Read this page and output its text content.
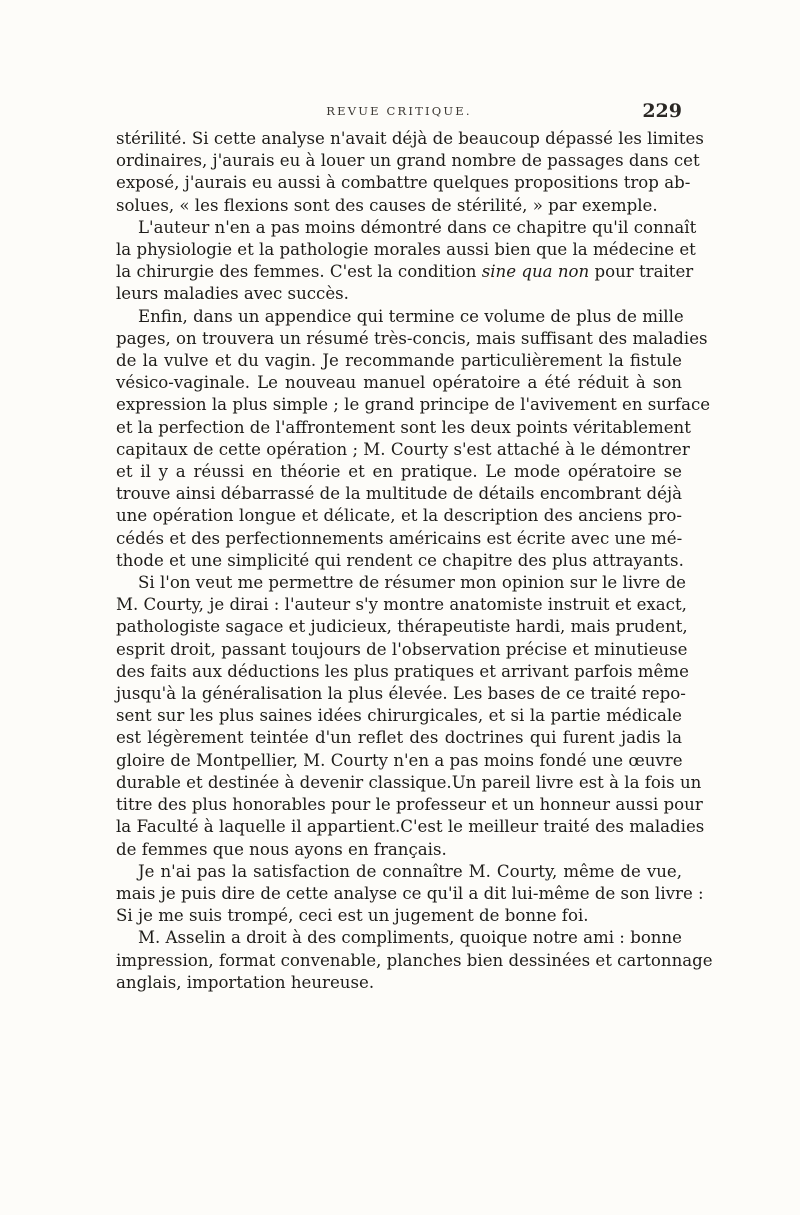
REVUE CRITIQUE.	229

stérilité. Si cette analyse n'avait déjà de beaucoup dépassé les limites
ordinaires, j'aurais eu à louer un grand nombre de passages dans cet
exposé, j'aurais eu aussi à combattre quelques propositions trop ab-
solues, « les flexions sont des causes de stérilité, » par exemple.

L'auteur n'en a pas moins démontré dans ce chapitre qu'il connaît
la physiologie et la pathologie morales aussi bien que la médecine et
la chirurgie des femmes. C'est la condition sine qua non pour traiter
leurs maladies avec succès.

Enfin, dans un appendice qui termine ce volume de plus de mille
pages, on trouvera un résumé très-concis, mais suffisant des maladies
de la vulve et du vagin. Je recommande particulièrement la fistule
vésico-vaginale. Le nouveau manuel opératoire a été réduit à son
expression la plus simple ; le grand principe de l'avivement en surface
et la perfection de l'affrontement sont les deux points véritablement
capitaux de cette opération ; M. Courty s'est attaché à le démontrer
et il y a réussi en théorie et en pratique. Le mode opératoire se
trouve ainsi débarrassé de la multitude de détails encombrant déjà
une opération longue et délicate, et la description des anciens pro-
cédés et des perfectionnements américains est écrite avec une mé-
thode et une simplicité qui rendent ce chapitre des plus attrayants.

Si l'on veut me permettre de résumer mon opinion sur le livre de
M. Courty, je dirai : l'auteur s'y montre anatomiste instruit et exact,
pathologiste sagace et judicieux, thérapeutiste hardi, mais prudent,
esprit droit, passant toujours de l'observation précise et minutieuse
des faits aux déductions les plus pratiques et arrivant parfois même
jusqu'à la généralisation la plus élevée. Les bases de ce traité repo-
sent sur les plus saines idées chirurgicales, et si la partie médicale
est légèrement teintée d'un reflet des doctrines qui furent jadis la
gloire de Montpellier, M. Courty n'en a pas moins fondé une œuvre
durable et destinée à devenir classique.Un pareil livre est à la fois un
titre des plus honorables pour le professeur et un honneur aussi pour
la Faculté à laquelle il appartient.C'est le meilleur traité des maladies
de femmes que nous ayons en français.

Je n'ai pas la satisfaction de connaître M. Courty, même de vue,
mais je puis dire de cette analyse ce qu'il a dit lui-même de son livre :
Si je me suis trompé, ceci est un jugement de bonne foi.

M. Asselin a droit à des compliments, quoique notre ami : bonne
impression, format convenable, planches bien dessinées et cartonnage
anglais, importation heureuse.
